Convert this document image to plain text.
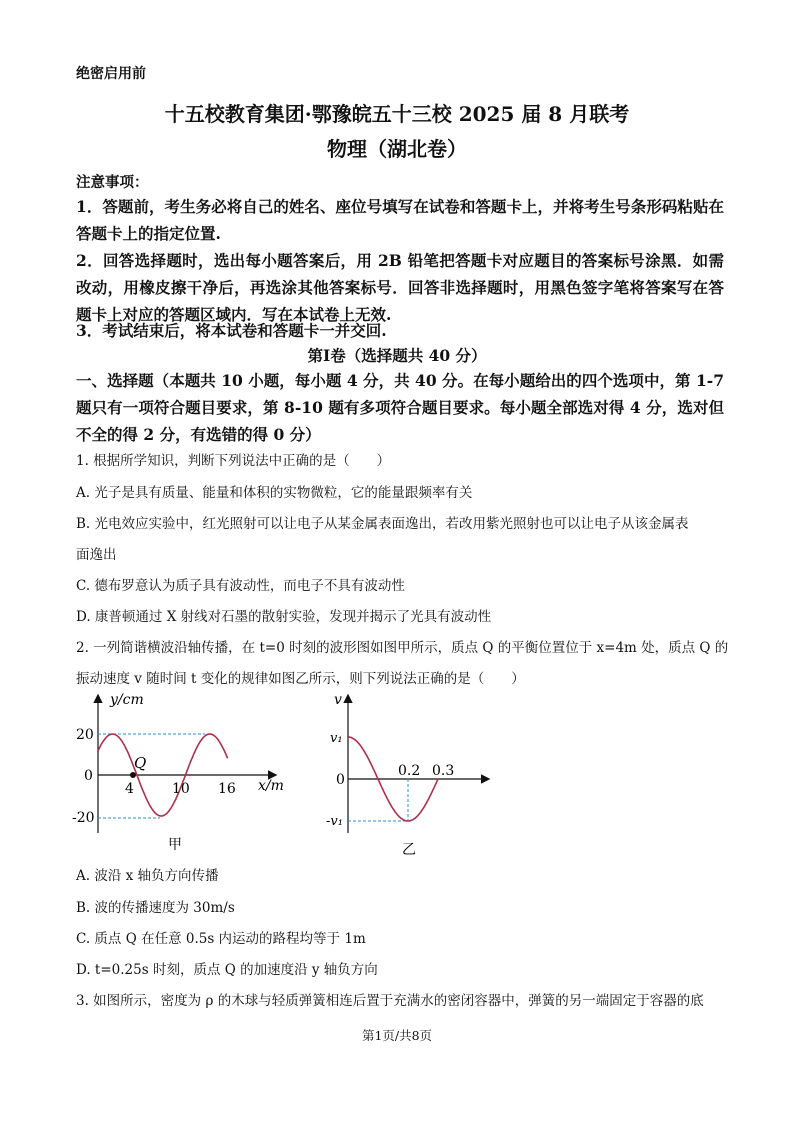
绝密启用前
十五校教育集团·鄂豫皖五十三校 2025 届 8 月联考
物理（湖北卷）
注意事项：
1．答题前，考生务必将自己的姓名、座位号填写在试卷和答题卡上，并将考生号条形码粘贴在答题卡上的指定位置.
2．回答选择题时，选出每小题答案后，用 2B 铅笔把答题卡对应题目的答案标号涂黑．如需改动，用橡皮擦干净后，再选涂其他答案标号．回答非选择题时，用黑色签字笔将答案写在答题卡上对应的答题区域内．写在本试卷上无效.
3．考试结束后，将本试卷和答题卡一并交回.
第Ⅰ卷（选择题共 40 分）
一、选择题（本题共 10 小题，每小题 4 分，共 40 分。在每小题给出的四个选项中，第 1-7 题只有一项符合题目要求，第 8-10 题有多项符合题目要求。每小题全部选对得 4 分，选对但不全的得 2 分，有选错的得 0 分）
1. 根据所学知识，判断下列说法中正确的是（　　）
A. 光子是具有质量、能量和体积的实物微粒，它的能量跟频率有关
B. 光电效应实验中，红光照射可以让电子从某金属表面逸出，若改用紫光照射也可以让电子从该金属表
面逸出
C. 德布罗意认为质子具有波动性，而电子不具有波动性
D. 康普顿通过 X 射线对石墨的散射实验，发现并揭示了光具有波动性
2. 一列简谐横波沿轴传播，在 t=0 时刻的波形图如图甲所示，质点 Q 的平衡位置位于 x=4m 处，质点 Q 的
振动速度 v 随时间 t 变化的规律如图乙所示，则下列说法正确的是（　　）
y/cm
x/m
20
0
-20
4	10 16
Q
甲
v
v₁
0
-v₁
0.2 0.3
乙
A. 波沿 x 轴负方向传播
B. 波的传播速度为 30m/s
C. 质点 Q 在任意 0.5s 内运动的路程均等于 1m
D. t=0.25s 时刻，质点 Q 的加速度沿 y 轴负方向
3. 如图所示，密度为 ρ 的木球与轻质弹簧相连后置于充满水的密闭容器中，弹簧的另一端固定于容器的底
第1页/共8页
